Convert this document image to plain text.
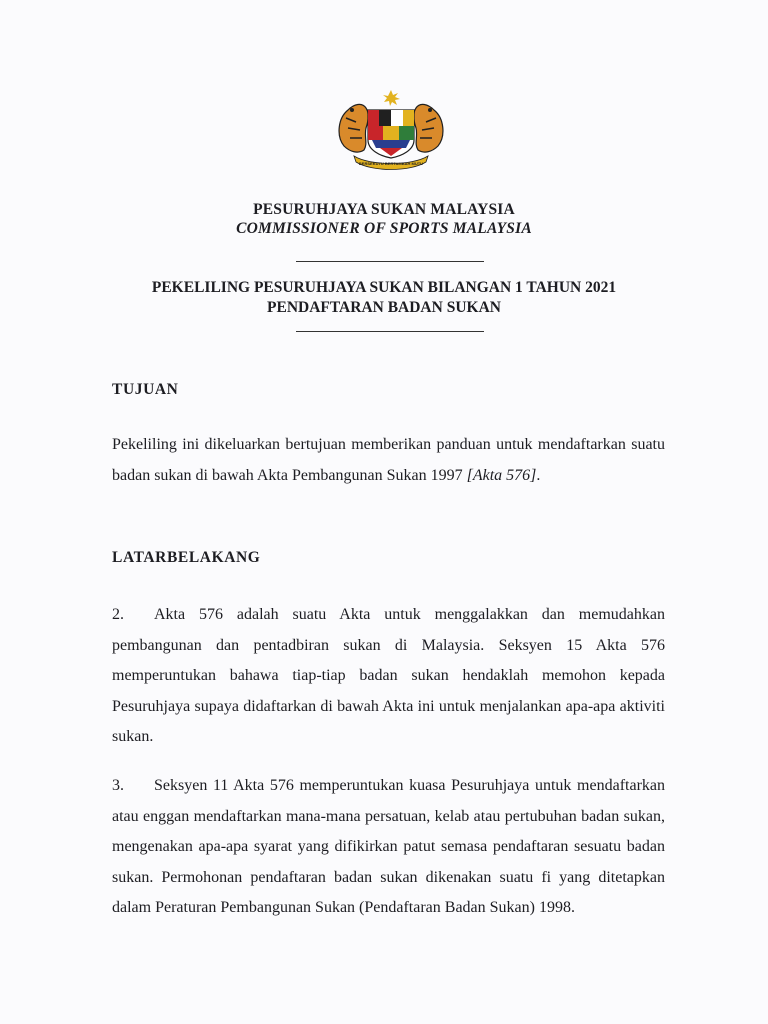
BERSEKUTU BERTAMBAH MUTU
PESURUHJAYA SUKAN MALAYSIA
COMMISSIONER OF SPORTS MALAYSIA
PEKELILING PESURUHJAYA SUKAN BILANGAN 1 TAHUN 2021
PENDAFTARAN BADAN SUKAN
TUJUAN
Pekeliling ini dikeluarkan bertujuan memberikan panduan untuk mendaftarkan suatu badan sukan di bawah Akta Pembangunan Sukan 1997 [Akta 576].
LATARBELAKANG
2. Akta 576 adalah suatu Akta untuk menggalakkan dan memudahkan pembangunan dan pentadbiran sukan di Malaysia. Seksyen 15 Akta 576 memperuntukan bahawa tiap-tiap badan sukan hendaklah memohon kepada Pesuruhjaya supaya didaftarkan di bawah Akta ini untuk menjalankan apa-apa aktiviti sukan.
3. Seksyen 11 Akta 576 memperuntukan kuasa Pesuruhjaya untuk mendaftarkan atau enggan mendaftarkan mana-mana persatuan, kelab atau pertubuhan badan sukan, mengenakan apa-apa syarat yang difikirkan patut semasa pendaftaran sesuatu badan sukan. Permohonan pendaftaran badan sukan dikenakan suatu fi yang ditetapkan dalam Peraturan Pembangunan Sukan (Pendaftaran Badan Sukan) 1998.
